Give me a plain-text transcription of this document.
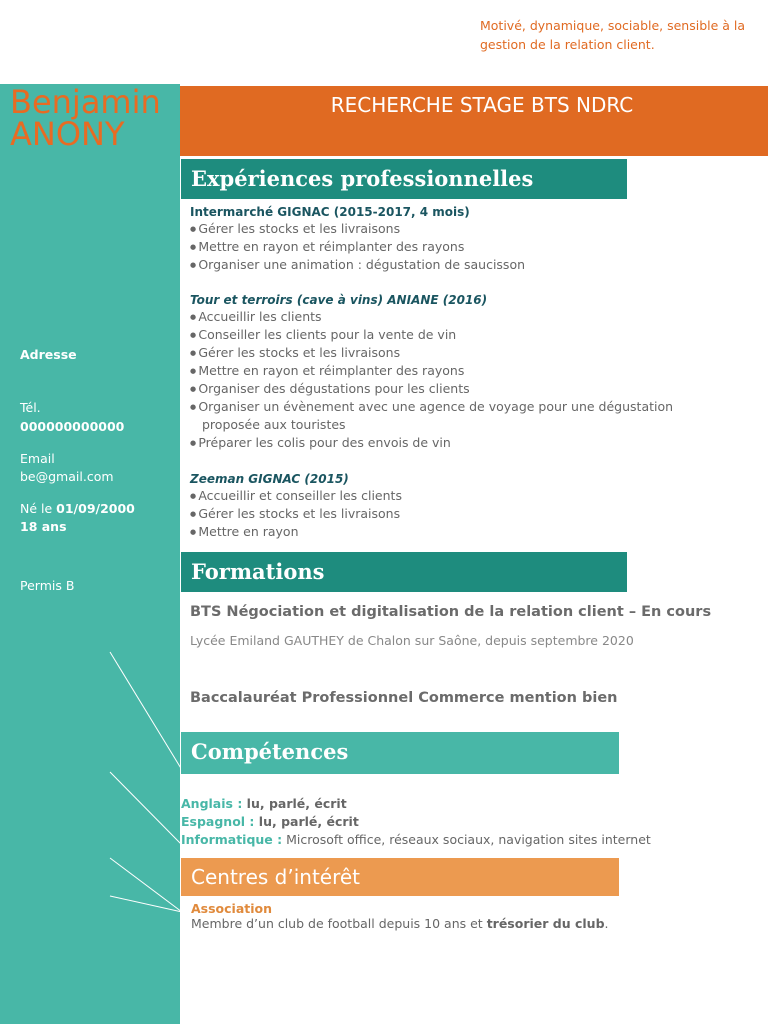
Motivé, dynamique, sociable, sensible à la gestion de la relation client.
RECHERCHE STAGE BTS NDRC
Benjamin
ANONY
Adresse
Tél.
000000000000
Email
be@gmail.com
Né le 01/09/2000
18 ans
Permis B
Expériences professionnelles
Intermarché GIGNAC (2015-2017, 4 mois)
● Gérer les stocks et les livraisons
● Mettre en rayon et réimplanter des rayons
● Organiser une animation : dégustation de saucisson
Tour et terroirs (cave à vins) ANIANE (2016)
● Accueillir les clients
● Conseiller les clients pour la vente de vin
● Gérer les stocks et les livraisons
● Mettre en rayon et réimplanter des rayons
● Organiser des dégustations pour les clients
● Organiser un évènement avec une agence de voyage pour une dégustation proposée aux touristes
● Préparer les colis pour des envois de vin
Zeeman GIGNAC (2015)
● Accueillir et conseiller les clients
● Gérer les stocks et les livraisons
● Mettre en rayon
Formations
BTS Négociation et digitalisation de la relation client – En cours
Lycée Emiland GAUTHEY de Chalon sur Saône, depuis septembre 2020
Baccalauréat Professionnel Commerce mention bien
Compétences
Anglais : lu, parlé, écrit
Espagnol : lu, parlé, écrit
Informatique : Microsoft office, réseaux sociaux, navigation sites internet
Centres d’intérêt
Association
Membre d’un club de football depuis 10 ans et trésorier du club.
